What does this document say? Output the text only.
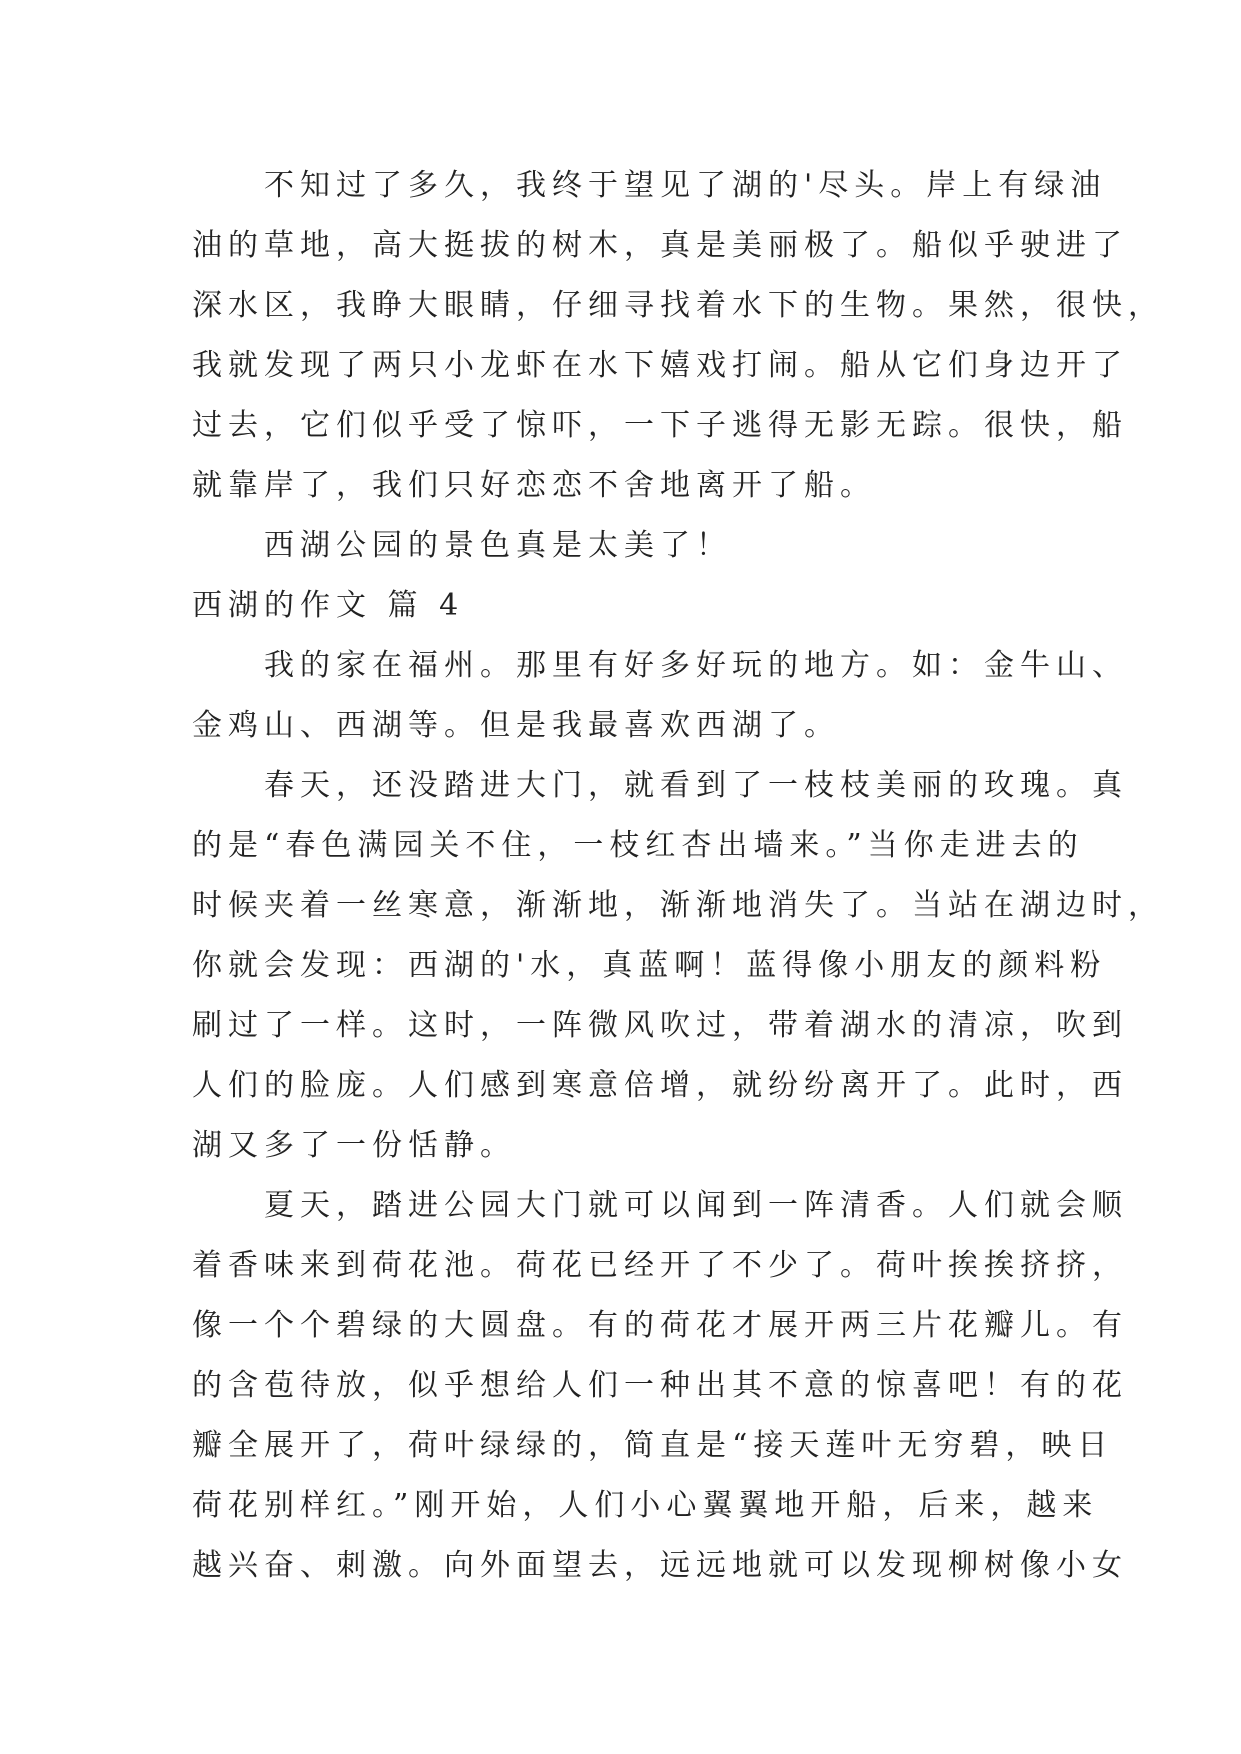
　　不知过了多久，我终于望见了湖的'尽头。岸上有绿油
油的草地，高大挺拔的树木，真是美丽极了。船似乎驶进了
深水区，我睁大眼睛，仔细寻找着水下的生物。果然，很快，
我就发现了两只小龙虾在水下嬉戏打闹。船从它们身边开了
过去，它们似乎受了惊吓，一下子逃得无影无踪。很快，船
就靠岸了，我们只好恋恋不舍地离开了船。
　　西湖公园的景色真是太美了！
西湖的作文 篇 4
　　我的家在福州。那里有好多好玩的地方。如：金牛山、
金鸡山、西湖等。但是我最喜欢西湖了。
　　春天，还没踏进大门，就看到了一枝枝美丽的玫瑰。真
的是“春色满园关不住，一枝红杏出墙来。”当你走进去的
时候夹着一丝寒意，渐渐地，渐渐地消失了。当站在湖边时，
你就会发现：西湖的'水，真蓝啊！蓝得像小朋友的颜料粉
刷过了一样。这时，一阵微风吹过，带着湖水的清凉，吹到
人们的脸庞。人们感到寒意倍增，就纷纷离开了。此时，西
湖又多了一份恬静。
　　夏天，踏进公园大门就可以闻到一阵清香。人们就会顺
着香味来到荷花池。荷花已经开了不少了。荷叶挨挨挤挤，
像一个个碧绿的大圆盘。有的荷花才展开两三片花瓣儿。有
的含苞待放，似乎想给人们一种出其不意的惊喜吧！有的花
瓣全展开了，荷叶绿绿的，简直是“接天莲叶无穷碧，映日
荷花别样红。”刚开始，人们小心翼翼地开船，后来，越来
越兴奋、刺激。向外面望去，远远地就可以发现柳树像小女
